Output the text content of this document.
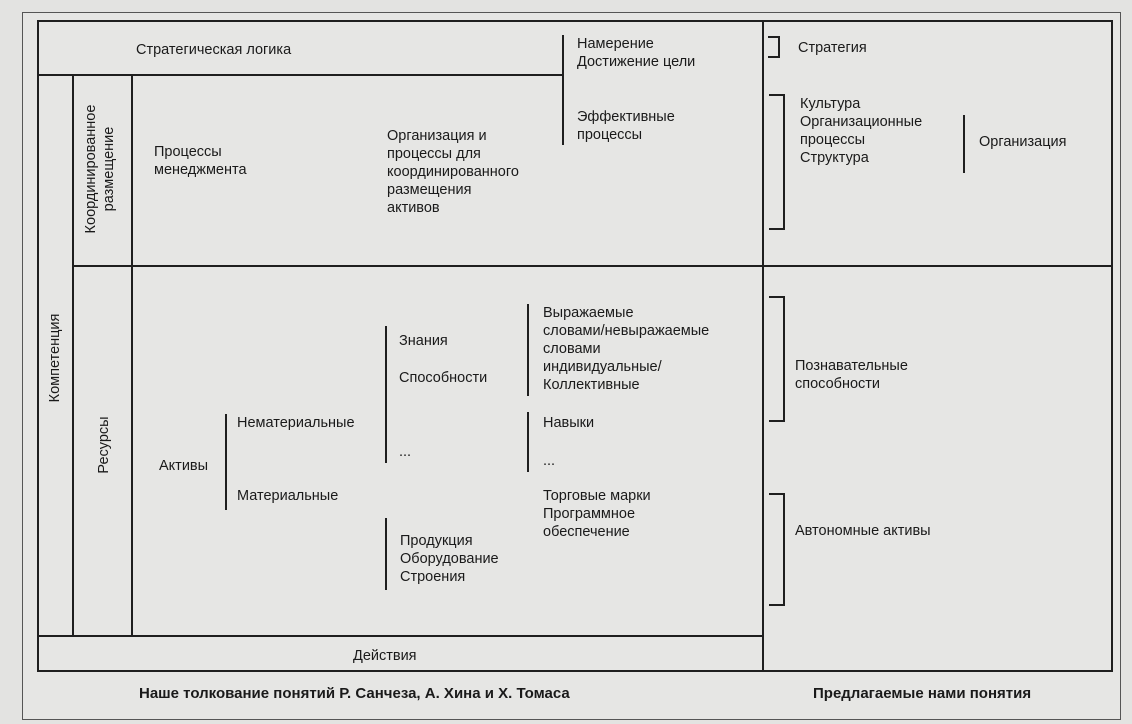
Стратегическая логика
Компетенция
Координированное
размещение
Ресурсы
Процессы
менеджмента
Организация и
процессы для
координированного
размещения
активов
Намерение
Достижение цели
Эффективные
процессы
Активы
Нематериальные
Материальные
Знания
Способности
...
Выражаемые
словами/невыражаемые
словами
индивидуальные/
Коллективные
Навыки
...
Торговые марки
Программное
обеспечение
Продукция
Оборудование
Строения
Действия
Стратегия
Культура
Организационные
процессы
Структура
Организация
Познавательные
способности
Автономные активы
Наше толкование понятий Р. Санчеза, А. Хина и Х. Томаса	Предлагаемые нами понятия
